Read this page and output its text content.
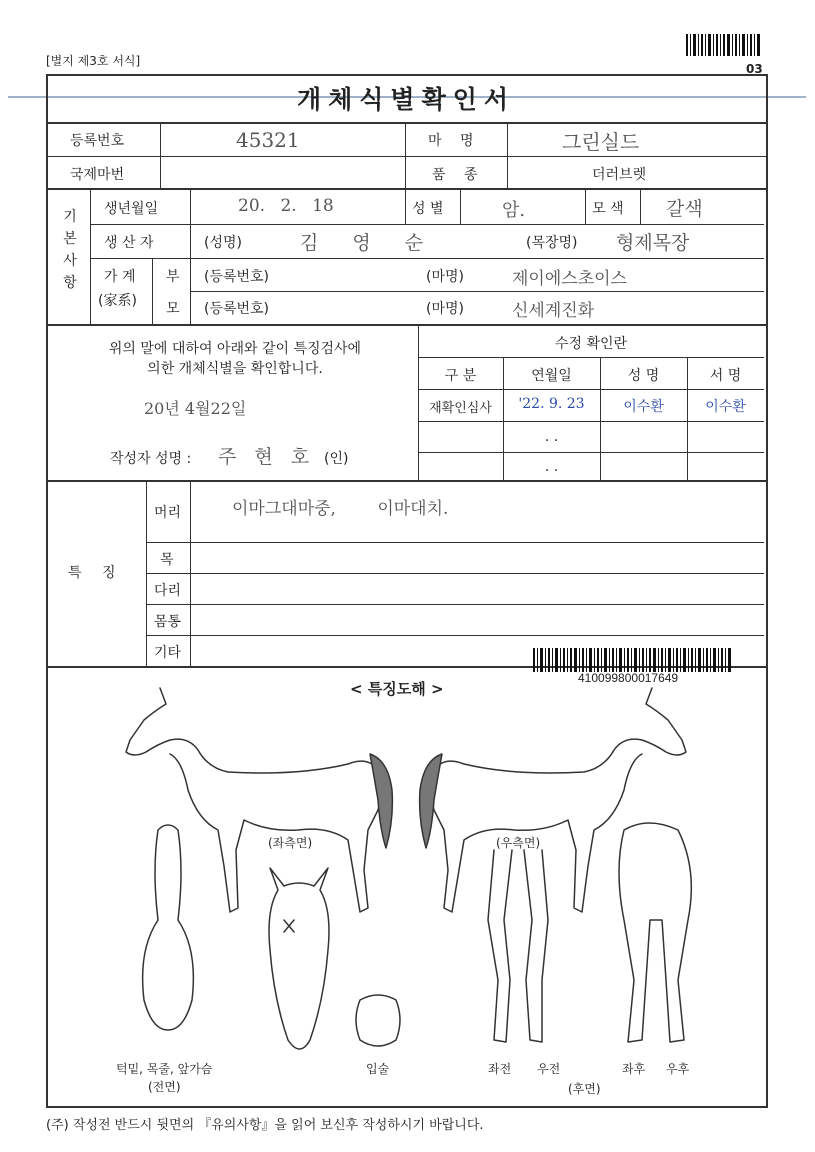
[별지 제3호 서식]
03
개체식별확인서
등록번호	45321	마 명	그린실드
국제마번	품 종	더러브렛
기
본
사
항
생년월일	20. 2. 18	성 별	암.	모 색 갈색
생 산 자	(성명)	김 영 순	(목장명) 형제목장
가 계
(家系)
부 (등록번호)	(마명)	제이에스초이스
모 (등록번호)	(마명)	신세계진화
위의 말에 대하여 아래와 같이 특징검사에
의한 개체식별을 확인합니다.
20년 4월22일
작성자 성명 : 주 현 호 (인)
수정 확인란
구 분	연월일	성 명	서 명
재확인심사	'22. 9. 23	이수환	이수환
. .
. .
특 징
머리	이마그대마중, 이마대치.
목
다리
몸통
기타
410099800017649
< 특징도해 >
(좌측면)	(우측면)
턱밑, 목줄, 앞가슴
(전면)
입술	좌전 우전	좌후 우후
(후면)
(주) 작성전 반드시 뒷면의 『유의사항』을 읽어 보신후 작성하시기 바랍니다.
